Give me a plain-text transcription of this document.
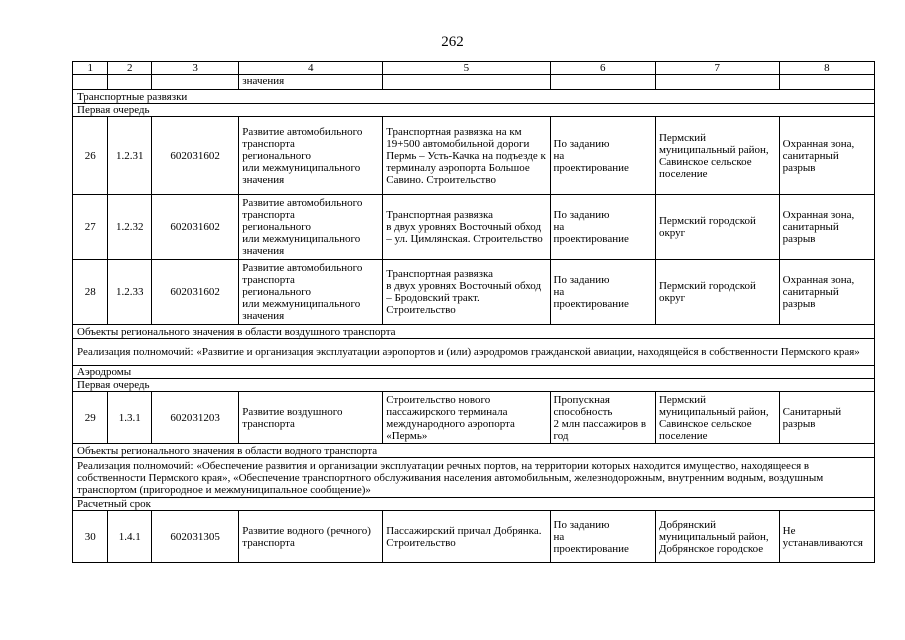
262
1	2	3	4	5	6	7	8
			значения				
Транспортные развязки							
Первая очередь							
26	1.2.31	602031602	Развитие автомобильного
транспорта
регионального
или межмуниципального
значения	Транспортная развязка на км 19+500 автомобильной дороги Пермь – Усть-Качка на подъезде к терминалу аэропорта Большое Савино. Строительство	По заданию
на
проектирование	Пермский муниципальный район, Савинское сельское поселение	Охранная зона, санитарный разрыв
27	1.2.32	602031602	Развитие автомобильного
транспорта
регионального
или межмуниципального
значения	Транспортная развязка
в двух уровнях Восточный обход – ул. Цимлянская. Строительство	По заданию
на
проектирование	Пермский городской округ	Охранная зона, санитарный разрыв
28	1.2.33	602031602	Развитие автомобильного
транспорта
регионального
или межмуниципального
значения	Транспортная развязка
в двух уровнях Восточный обход – Бродовский тракт. Строительство	По заданию
на
проектирование	Пермский городской округ	Охранная зона, санитарный разрыв
Объекты регионального значения в области воздушного транспорта							
Реализация полномочий: «Развитие и организация эксплуатации аэропортов и (или) аэродромов гражданской авиации, находящейся в собственности Пермского края»							
Аэродромы							
Первая очередь							
29	1.3.1	602031203	Развитие воздушного транспорта	Строительство нового пассажирского терминала международного аэропорта «Пермь»	Пропускная способность
2 млн пассажиров в год	Пермский муниципальный район, Савинское сельское поселение	Санитарный разрыв
Объекты регионального значения в области водного транспорта							
Реализация полномочий: «Обеспечение развития и организации эксплуатации речных портов, на территории которых находится имущество, находящееся в собственности Пермского края», «Обеспечение транспортного обслуживания населения автомобильным, железнодорожным, внутренним водным, воздушным транспортом (пригородное и межмуниципальное сообщение)»							
Расчетный срок							
30	1.4.1	602031305	Развитие водного (речного) транспорта	Пассажирский причал Добрянка.
Строительство	По заданию
на
проектирование	Добрянский муниципальный район, Добрянское городское	Не устанавливаются
